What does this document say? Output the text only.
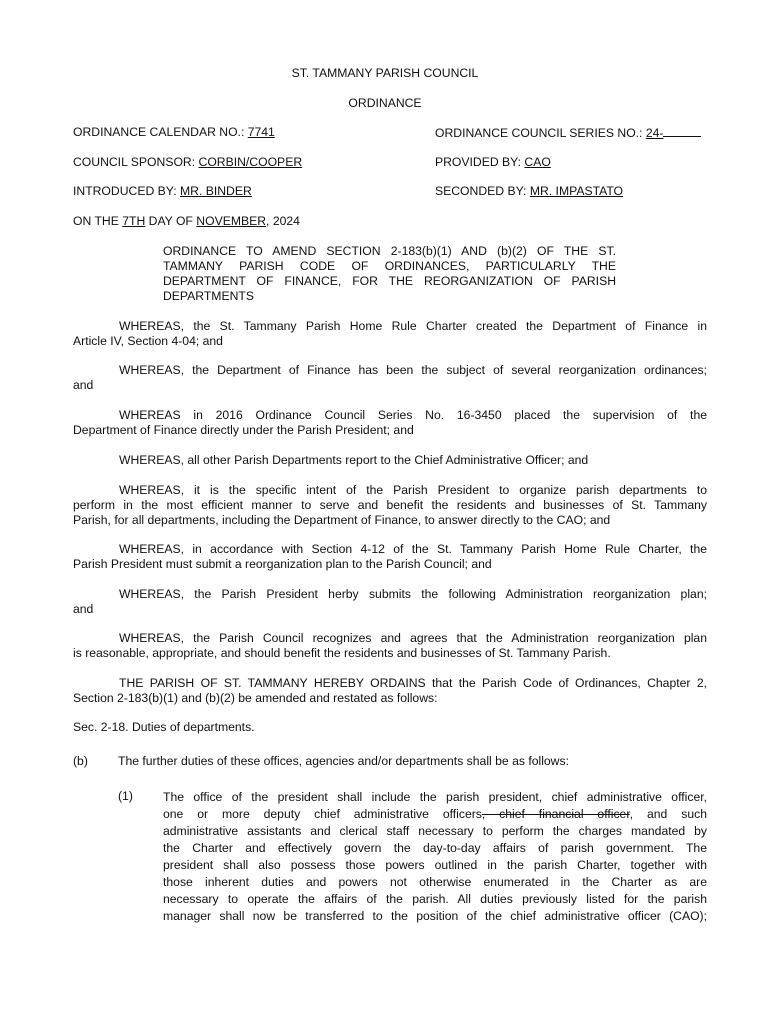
ST. TAMMANY PARISH COUNCIL
ORDINANCE
ORDINANCE CALENDAR NO.: 7741	ORDINANCE COUNCIL SERIES NO.: 24-
COUNCIL SPONSOR: CORBIN/COOPER	PROVIDED BY: CAO
INTRODUCED BY: MR. BINDER	SECONDED BY: MR. IMPASTATO
ON THE 7TH DAY OF NOVEMBER, 2024
ORDINANCE TO AMEND SECTION 2-183(b)(1) AND (b)(2) OF THE ST.
TAMMANY PARISH CODE OF ORDINANCES, PARTICULARLY THE
DEPARTMENT OF FINANCE, FOR THE REORGANIZATION OF PARISH
DEPARTMENTS
WHEREAS, the St. Tammany Parish Home Rule Charter created the Department of Finance in
Article IV, Section 4-04; and
WHEREAS, the Department of Finance has been the subject of several reorganization ordinances;
and
WHEREAS in 2016 Ordinance Council Series No. 16-3450 placed the supervision of the
Department of Finance directly under the Parish President; and
WHEREAS, all other Parish Departments report to the Chief Administrative Officer; and
WHEREAS, it is the specific intent of the Parish President to organize parish departments to
perform in the most efficient manner to serve and benefit the residents and businesses of St. Tammany
Parish, for all departments, including the Department of Finance, to answer directly to the CAO; and
WHEREAS, in accordance with Section 4-12 of the St. Tammany Parish Home Rule Charter, the
Parish President must submit a reorganization plan to the Parish Council; and
WHEREAS, the Parish President herby submits the following Administration reorganization plan;
and
WHEREAS, the Parish Council recognizes and agrees that the Administration reorganization plan
is reasonable, appropriate, and should benefit the residents and businesses of St. Tammany Parish.
THE PARISH OF ST. TAMMANY HEREBY ORDAINS that the Parish Code of Ordinances, Chapter 2,
Section 2-183(b)(1) and (b)(2) be amended and restated as follows:
Sec. 2-18. Duties of departments.
(b) The further duties of these offices, agencies and/or departments shall be as follows:
(1) The office of the president shall include the parish president, chief administrative officer,
one or more deputy chief administrative officers, chief financial officer, and such
administrative assistants and clerical staff necessary to perform the charges mandated by
the Charter and effectively govern the day-to-day affairs of parish government. The
president shall also possess those powers outlined in the parish Charter, together with
those inherent duties and powers not otherwise enumerated in the Charter as are
necessary to operate the affairs of the parish. All duties previously listed for the parish
manager shall now be transferred to the position of the chief administrative officer (CAO);
